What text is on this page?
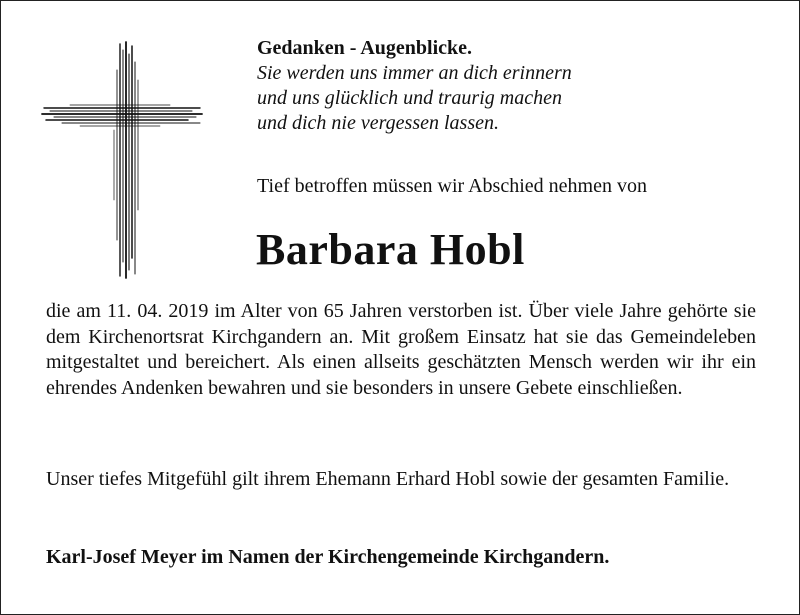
Gedanken - Augenblicke.
Sie werden uns immer an dich erinnern
und uns glücklich und traurig machen
und dich nie vergessen lassen.
Tief betroffen müssen wir Abschied nehmen von
Barbara Hobl
die am 11. 04. 2019 im Alter von 65 Jahren verstorben ist. Über viele Jahre gehörte sie dem Kirchenortsrat Kirchgandern an. Mit großem Einsatz hat sie das Gemeindeleben mitgestaltet und bereichert. Als einen allseits geschätzten Mensch werden wir ihr ein ehrendes Andenken bewahren und sie besonders in unsere Gebete einschließen.
Unser tiefes Mitgefühl gilt ihrem Ehemann Erhard Hobl sowie der gesamten Familie.
Karl-Josef Meyer im Namen der Kirchengemeinde Kirchgandern.
